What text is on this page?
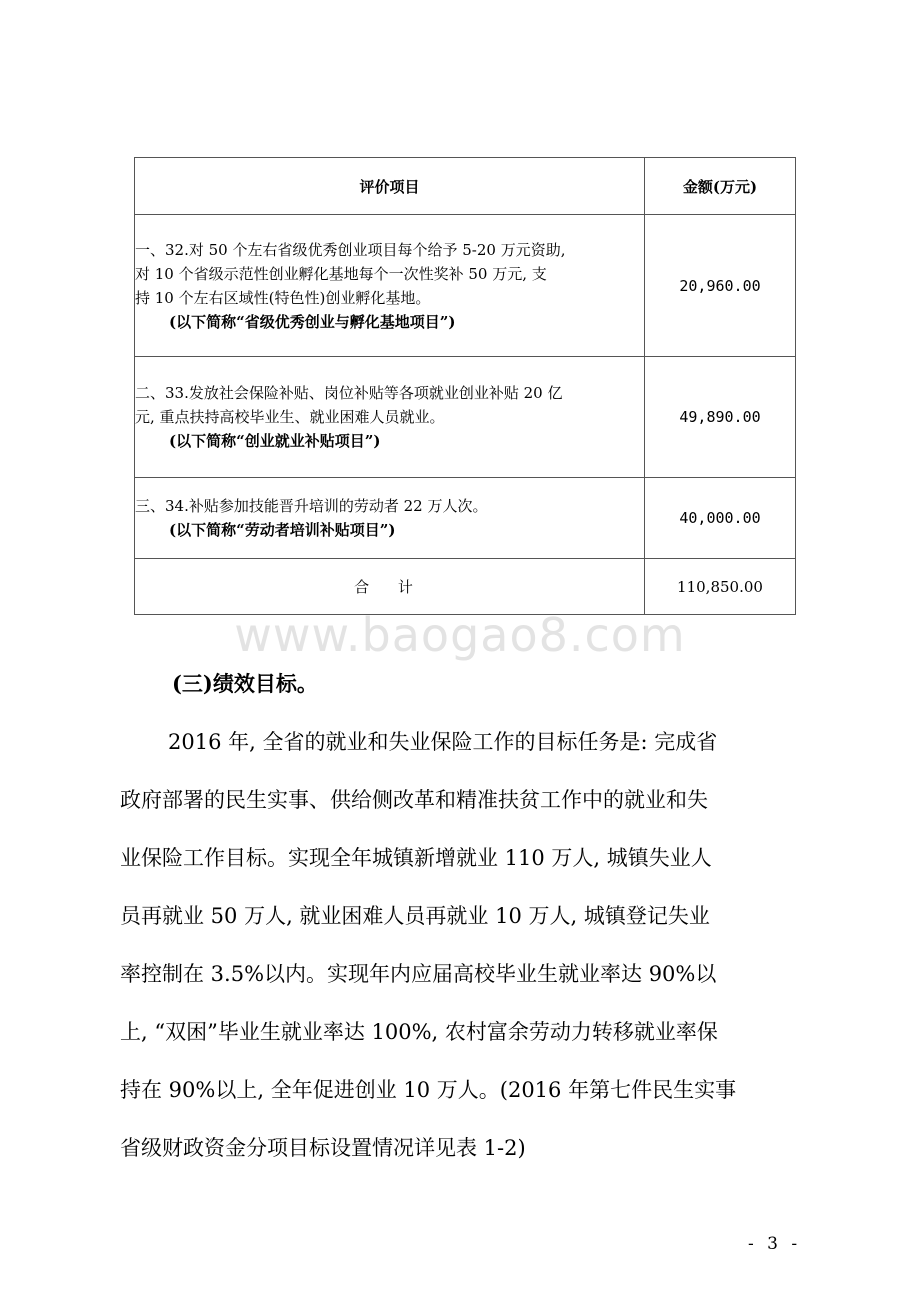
评价项目	金额(万元)

一、32.对 50 个左右省级优秀创业项目每个给予 5-20 万元资助,
对 10 个省级示范性创业孵化基地每个一次性奖补 50 万元, 支
持 10 个左右区域性(特色性)创业孵化基地。
(以下简称“省级优秀创业与孵化基地项目”)	20,960.00

二、33.发放社会保险补贴、岗位补贴等各项就业创业补贴 20 亿
元, 重点扶持高校毕业生、就业困难人员就业。
(以下简称“创业就业补贴项目”)	49,890.00

三、34.补贴参加技能晋升培训的劳动者 22 万人次。
(以下简称“劳动者培训补贴项目”)	40,000.00
合 计	110,850.00
www.baogao8.com
(三)绩效目标。
2016 年, 全省的就业和失业保险工作的目标任务是: 完成省
政府部署的民生实事、供给侧改革和精准扶贫工作中的就业和失
业保险工作目标。实现全年城镇新增就业 110 万人, 城镇失业人
员再就业 50 万人, 就业困难人员再就业 10 万人, 城镇登记失业
率控制在 3.5%以内。实现年内应届高校毕业生就业率达 90%以
上, “双困”毕业生就业率达 100%, 农村富余劳动力转移就业率保
持在 90%以上, 全年促进创业 10 万人。(2016 年第七件民生实事
省级财政资金分项目标设置情况详见表 1-2)
- 3 -
